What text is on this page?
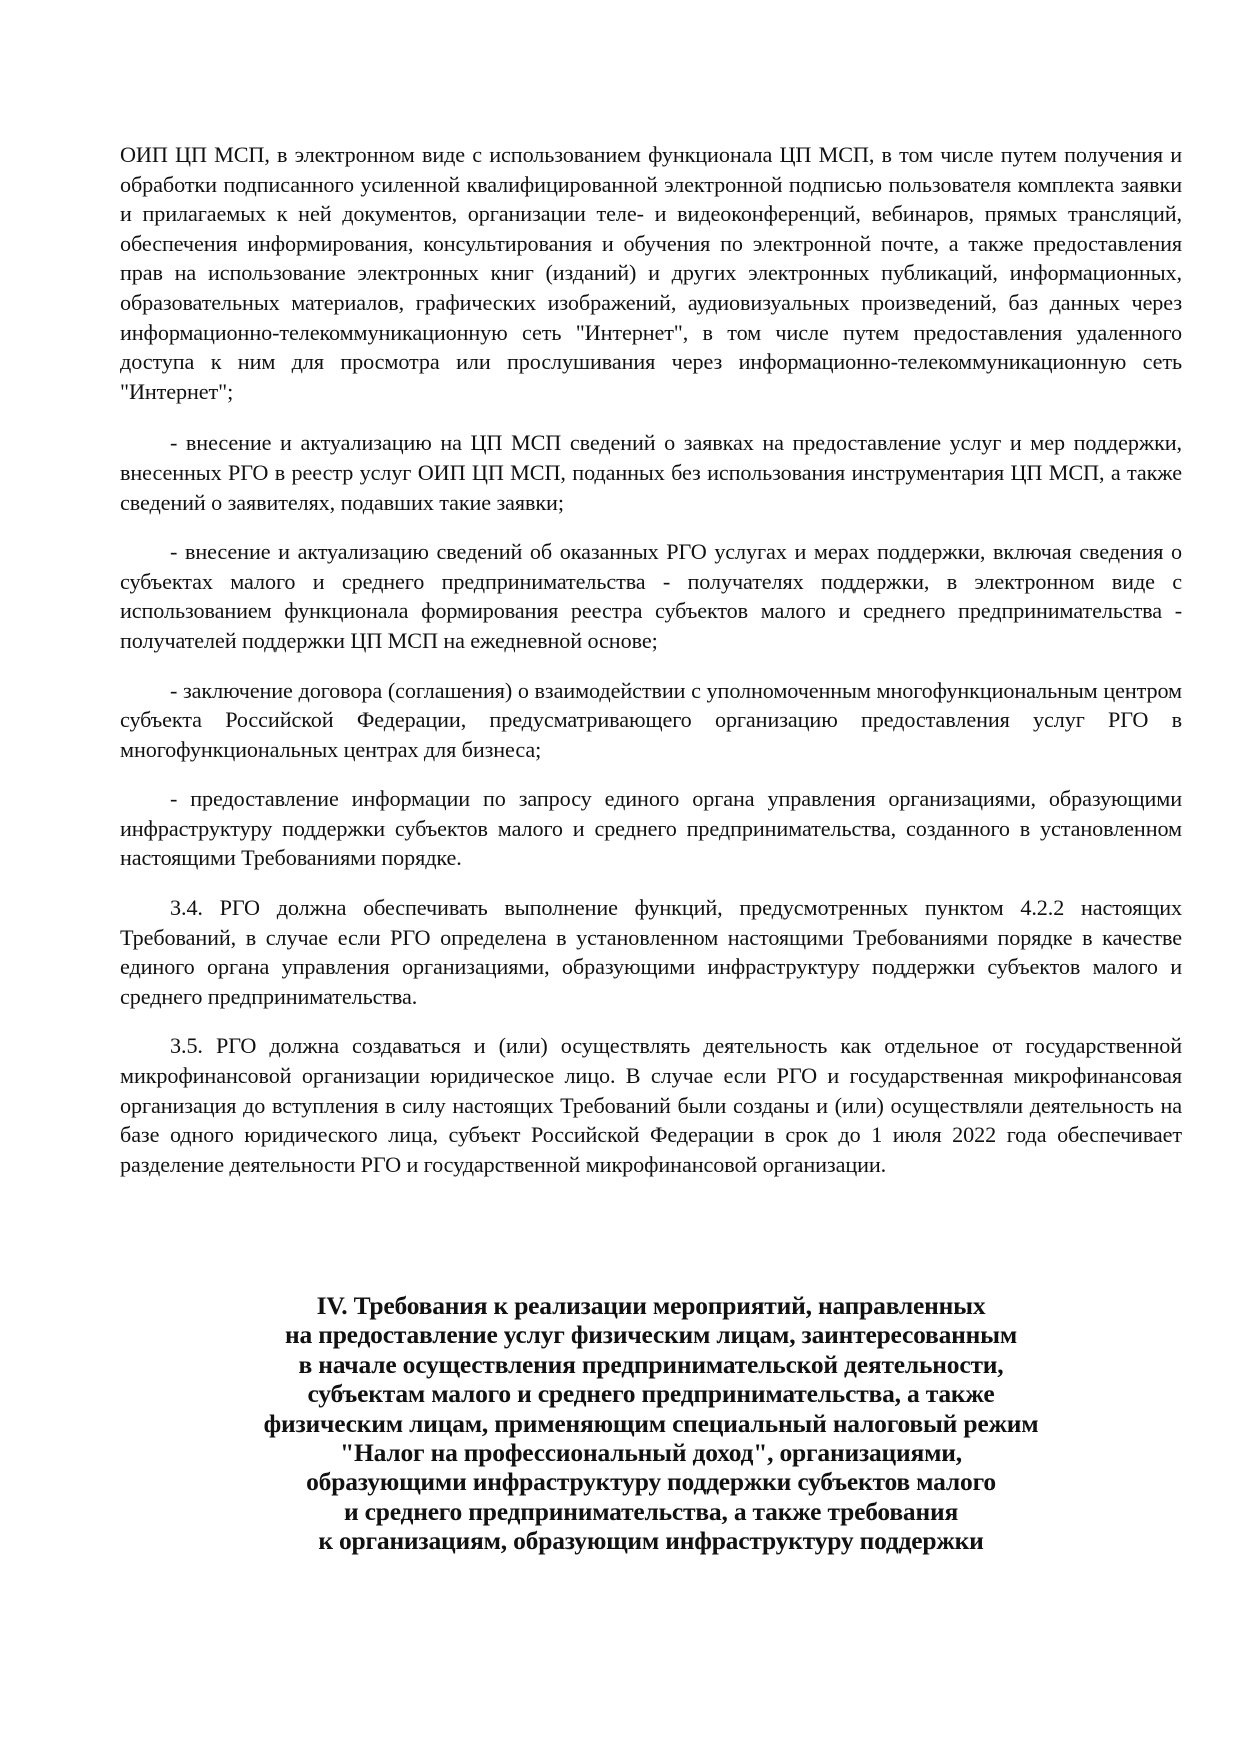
ОИП ЦП МСП, в электронном виде с использованием функционала ЦП МСП, в том числе путем получения и обработки подписанного усиленной квалифицированной электронной подписью пользователя комплекта заявки и прилагаемых к ней документов, организации теле- и видеоконференций, вебинаров, прямых трансляций, обеспечения информирования, консультирования и обучения по электронной почте, а также предоставления прав на использование электронных книг (изданий) и других электронных публикаций, информационных, образовательных материалов, графических изображений, аудиовизуальных произведений, баз данных через информационно-телекоммуникационную сеть "Интернет", в том числе путем предоставления удаленного доступа к ним для просмотра или прослушивания через информационно-телекоммуникационную сеть "Интернет";

- внесение и актуализацию на ЦП МСП сведений о заявках на предоставление услуг и мер поддержки, внесенных РГО в реестр услуг ОИП ЦП МСП, поданных без использования инструментария ЦП МСП, а также сведений о заявителях, подавших такие заявки;

- внесение и актуализацию сведений об оказанных РГО услугах и мерах поддержки, включая сведения о субъектах малого и среднего предпринимательства - получателях поддержки, в электронном виде с использованием функционала формирования реестра субъектов малого и среднего предпринимательства - получателей поддержки ЦП МСП на ежедневной основе;

- заключение договора (соглашения) о взаимодействии с уполномоченным многофункциональным центром субъекта Российской Федерации, предусматривающего организацию предоставления услуг РГО в многофункциональных центрах для бизнеса;

- предоставление информации по запросу единого органа управления организациями, образующими инфраструктуру поддержки субъектов малого и среднего предпринимательства, созданного в установленном настоящими Требованиями порядке.

3.4. РГО должна обеспечивать выполнение функций, предусмотренных пунктом 4.2.2 настоящих Требований, в случае если РГО определена в установленном настоящими Требованиями порядке в качестве единого органа управления организациями, образующими инфраструктуру поддержки субъектов малого и среднего предпринимательства.

3.5. РГО должна создаваться и (или) осуществлять деятельность как отдельное от государственной микрофинансовой организации юридическое лицо. В случае если РГО и государственная микрофинансовая организация до вступления в силу настоящих Требований были созданы и (или) осуществляли деятельность на базе одного юридического лица, субъект Российской Федерации в срок до 1 июля 2022 года обеспечивает разделение деятельности РГО и государственной микрофинансовой организации.

IV. Требования к реализации мероприятий, направленных
на предоставление услуг физическим лицам, заинтересованным
в начале осуществления предпринимательской деятельности,
субъектам малого и среднего предпринимательства, а также
физическим лицам, применяющим специальный налоговый режим
"Налог на профессиональный доход", организациями,
образующими инфраструктуру поддержки субъектов малого
и среднего предпринимательства, а также требования
к организациям, образующим инфраструктуру поддержки
